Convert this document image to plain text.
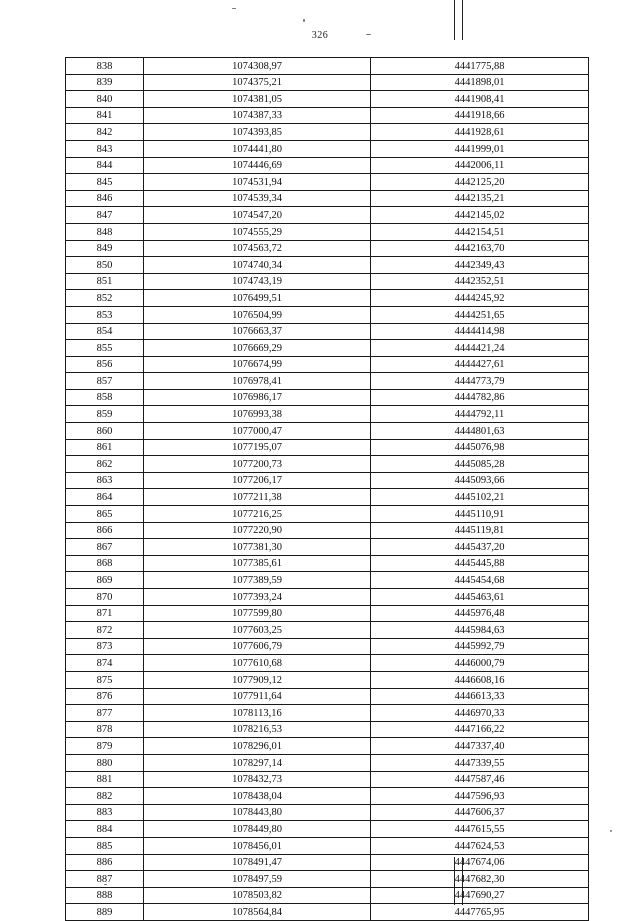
326
838	1074308,97	4441775,88
839	1074375,21	4441898,01
840	1074381,05	4441908,41
841	1074387,33	4441918,66
842	1074393,85	4441928,61
843	1074441,80	4441999,01
844	1074446,69	4442006,11
845	1074531,94	4442125,20
846	1074539,34	4442135,21
847	1074547,20	4442145,02
848	1074555,29	4442154,51
849	1074563,72	4442163,70
850	1074740,34	4442349,43
851	1074743,19	4442352,51
852	1076499,51	4444245,92
853	1076504,99	4444251,65
854	1076663,37	4444414,98
855	1076669,29	4444421,24
856	1076674,99	4444427,61
857	1076978,41	4444773,79
858	1076986,17	4444782,86
859	1076993,38	4444792,11
860	1077000,47	4444801,63
861	1077195,07	4445076,98
862	1077200,73	4445085,28
863	1077206,17	4445093,66
864	1077211,38	4445102,21
865	1077216,25	4445110,91
866	1077220,90	4445119,81
867	1077381,30	4445437,20
868	1077385,61	4445445,88
869	1077389,59	4445454,68
870	1077393,24	4445463,61
871	1077599,80	4445976,48
872	1077603,25	4445984,63
873	1077606,79	4445992,79
874	1077610,68	4446000,79
875	1077909,12	4446608,16
876	1077911,64	4446613,33
877	1078113,16	4446970,33
878	1078216,53	4447166,22
879	1078296,01	4447337,40
880	1078297,14	4447339,55
881	1078432,73	4447587,46
882	1078438,04	4447596,93
883	1078443,80	4447606,37
884	1078449,80	4447615,55
885	1078456,01	4447624,53
886	1078491,47	4447674,06
887	1078497,59	4447682,30
888	1078503,82	4447690,27
889	1078564,84	4447765,95
